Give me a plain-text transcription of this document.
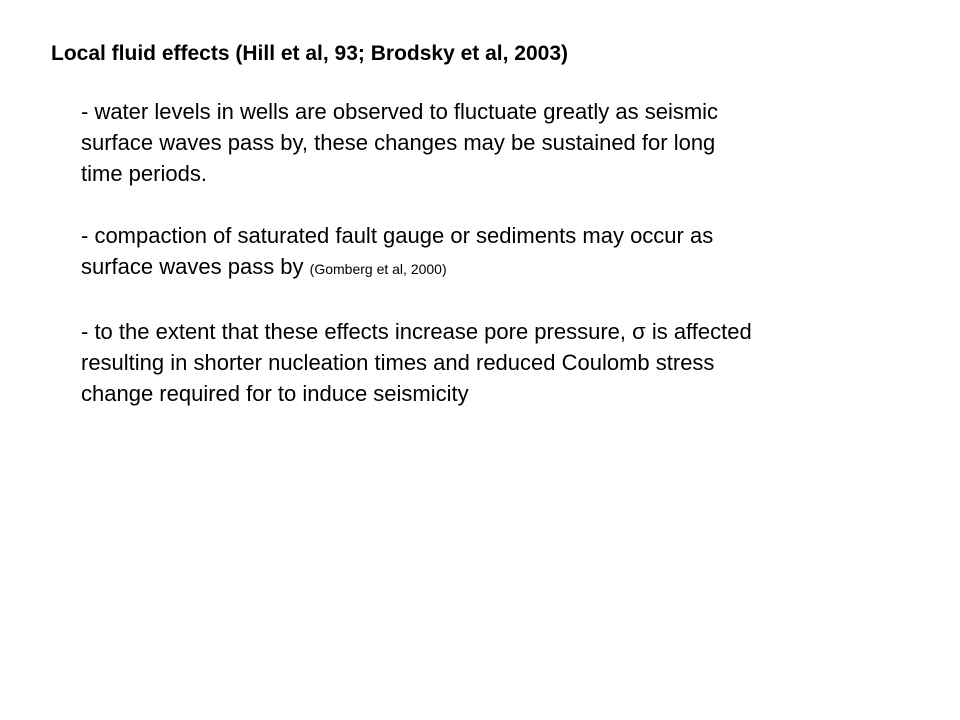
Local fluid effects (Hill et al, 93; Brodsky et al, 2003)
- water levels in wells are observed to fluctuate greatly as seismic
surface waves pass by, these changes may be sustained for long
time periods.
- compaction of saturated fault gauge or sediments may occur as
surface waves pass by (Gomberg et al, 2000)
- to the extent that these effects increase pore pressure, σ is affected
resulting in shorter nucleation times and reduced Coulomb stress
change required for to induce seismicity
